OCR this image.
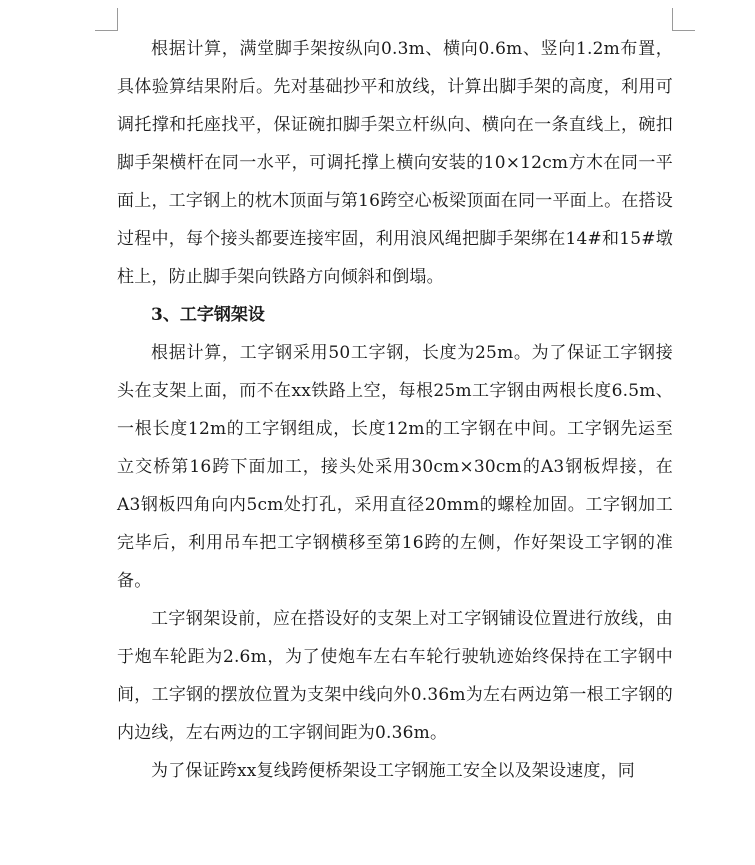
根据计算，满堂脚手架按纵向0.3m、横向0.6m、竖向1.2m布置，具体验算结果附后。先对基础抄平和放线，计算出脚手架的高度，利用可调托撑和托座找平，保证碗扣脚手架立杆纵向、横向在一条直线上，碗扣脚手架横杆在同一水平，可调托撑上横向安装的10×12cm方木在同一平面上，工字钢上的枕木顶面与第16跨空心板梁顶面在同一平面上。在搭设过程中，每个接头都要连接牢固，利用浪风绳把脚手架绑在14#和15#墩柱上，防止脚手架向铁路方向倾斜和倒塌。

3、工字钢架设

根据计算，工字钢采用50工字钢，长度为25m。为了保证工字钢接头在支架上面，而不在xx铁路上空，每根25m工字钢由两根长度6.5m、一根长度12m的工字钢组成，长度12m的工字钢在中间。工字钢先运至立交桥第16跨下面加工，接头处采用30cm×30cm的A3钢板焊接，在A3钢板四角向内5cm处打孔，采用直径20mm的螺栓加固。工字钢加工完毕后，利用吊车把工字钢横移至第16跨的左侧，作好架设工字钢的准备。

工字钢架设前，应在搭设好的支架上对工字钢铺设位置进行放线，由于炮车轮距为2.6m，为了使炮车左右车轮行驶轨迹始终保持在工字钢中间，工字钢的摆放位置为支架中线向外0.36m为左右两边第一根工字钢的内边线，左右两边的工字钢间距为0.36m。

为了保证跨xx复线跨便桥架设工字钢施工安全以及架设速度，同
